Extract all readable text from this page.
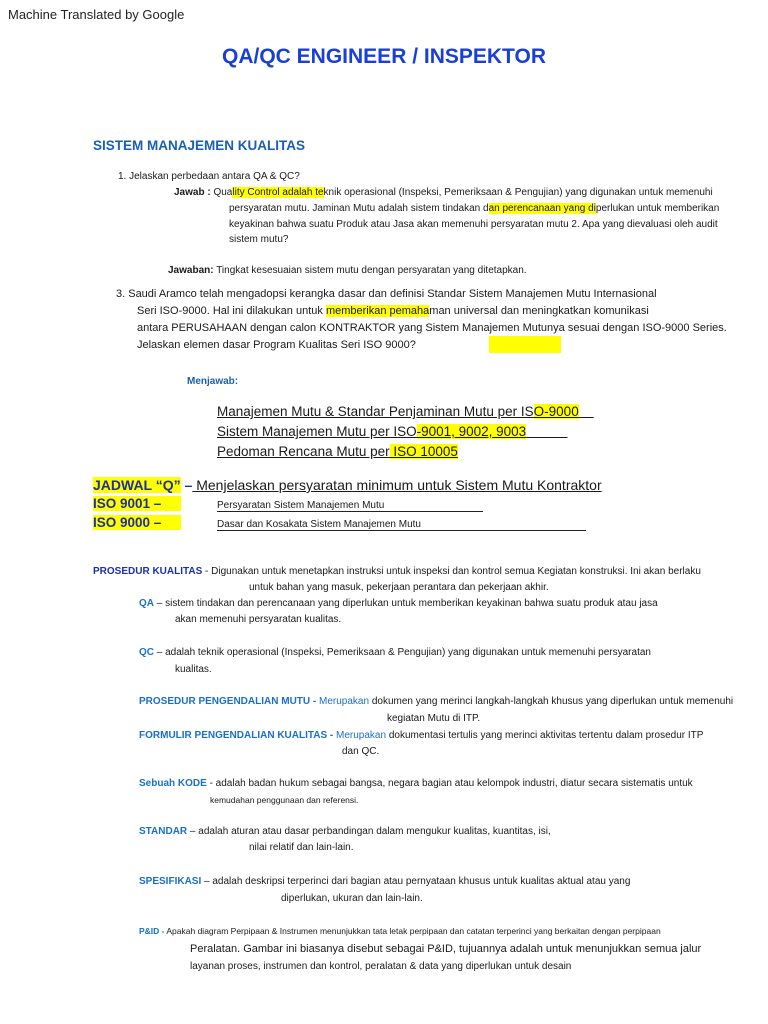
Machine Translated by Google
QA/QC ENGINEER / INSPEKTOR
SISTEM MANAJEMEN KUALITAS
1. Jelaskan perbedaan antara QA & QC?
Jawab : Quality Control adalah teknik operasional (Inspeksi, Pemeriksaan & Pengujian) yang digunakan untuk memenuhi
persyaratan mutu. Jaminan Mutu adalah sistem tindakan dan perencanaan yang diperlukan untuk memberikan
keyakinan bahwa suatu Produk atau Jasa akan memenuhi persyaratan mutu 2. Apa yang dievaluasi oleh audit
sistem mutu?
Jawaban: Tingkat kesesuaian sistem mutu dengan persyaratan yang ditetapkan.
3. Saudi Aramco telah mengadopsi kerangka dasar dan definisi Standar Sistem Manajemen Mutu Internasional
Seri ISO-9000. Hal ini dilakukan untuk memberikan pemahaman universal dan meningkatkan komunikasi
antara PERUSAHAAN dengan calon KONTRAKTOR yang Sistem Manajemen Mutunya sesuai dengan ISO-9000 Series.
Jelaskan elemen dasar Program Kualitas Seri ISO 9000?
Menjawab:
Manajemen Mutu & Standar Penjaminan Mutu per ISO-9000
Sistem Manajemen Mutu per ISO-9001, 9002, 9003
Pedoman Rencana Mutu per ISO 10005
JADWAL “Q” – Menjelaskan persyaratan minimum untuk Sistem Mutu Kontraktor
ISO 9001 –	Persyaratan Sistem Manajemen Mutu
ISO 9000 –	Dasar dan Kosakata Sistem Manajemen Mutu
PROSEDUR KUALITAS - Digunakan untuk menetapkan instruksi untuk inspeksi dan kontrol semua Kegiatan konstruksi. Ini akan berlaku
untuk bahan yang masuk, pekerjaan perantara dan pekerjaan akhir.
QA – sistem tindakan dan perencanaan yang diperlukan untuk memberikan keyakinan bahwa suatu produk atau jasa
akan memenuhi persyaratan kualitas.
QC – adalah teknik operasional (Inspeksi, Pemeriksaan & Pengujian) yang digunakan untuk memenuhi persyaratan
kualitas.
PROSEDUR PENGENDALIAN MUTU - Merupakan dokumen yang merinci langkah-langkah khusus yang diperlukan untuk memenuhi
kegiatan Mutu di ITP.
FORMULIR PENGENDALIAN KUALITAS - Merupakan dokumentasi tertulis yang merinci aktivitas tertentu dalam prosedur ITP
dan QC.
Sebuah KODE - adalah badan hukum sebagai bangsa, negara bagian atau kelompok industri, diatur secara sistematis untuk
kemudahan penggunaan dan referensi.
STANDAR – adalah aturan atau dasar perbandingan dalam mengukur kualitas, kuantitas, isi,
nilai relatif dan lain-lain.
SPESIFIKASI – adalah deskripsi terperinci dari bagian atau pernyataan khusus untuk kualitas aktual atau yang
diperlukan, ukuran dan lain-lain.
P&ID - Apakah diagram Perpipaan & Instrumen menunjukkan tata letak perpipaan dan catatan terperinci yang berkaitan dengan perpipaan
Peralatan. Gambar ini biasanya disebut sebagai P&ID, tujuannya adalah untuk menunjukkan semua jalur
layanan proses, instrumen dan kontrol, peralatan & data yang diperlukan untuk desain
